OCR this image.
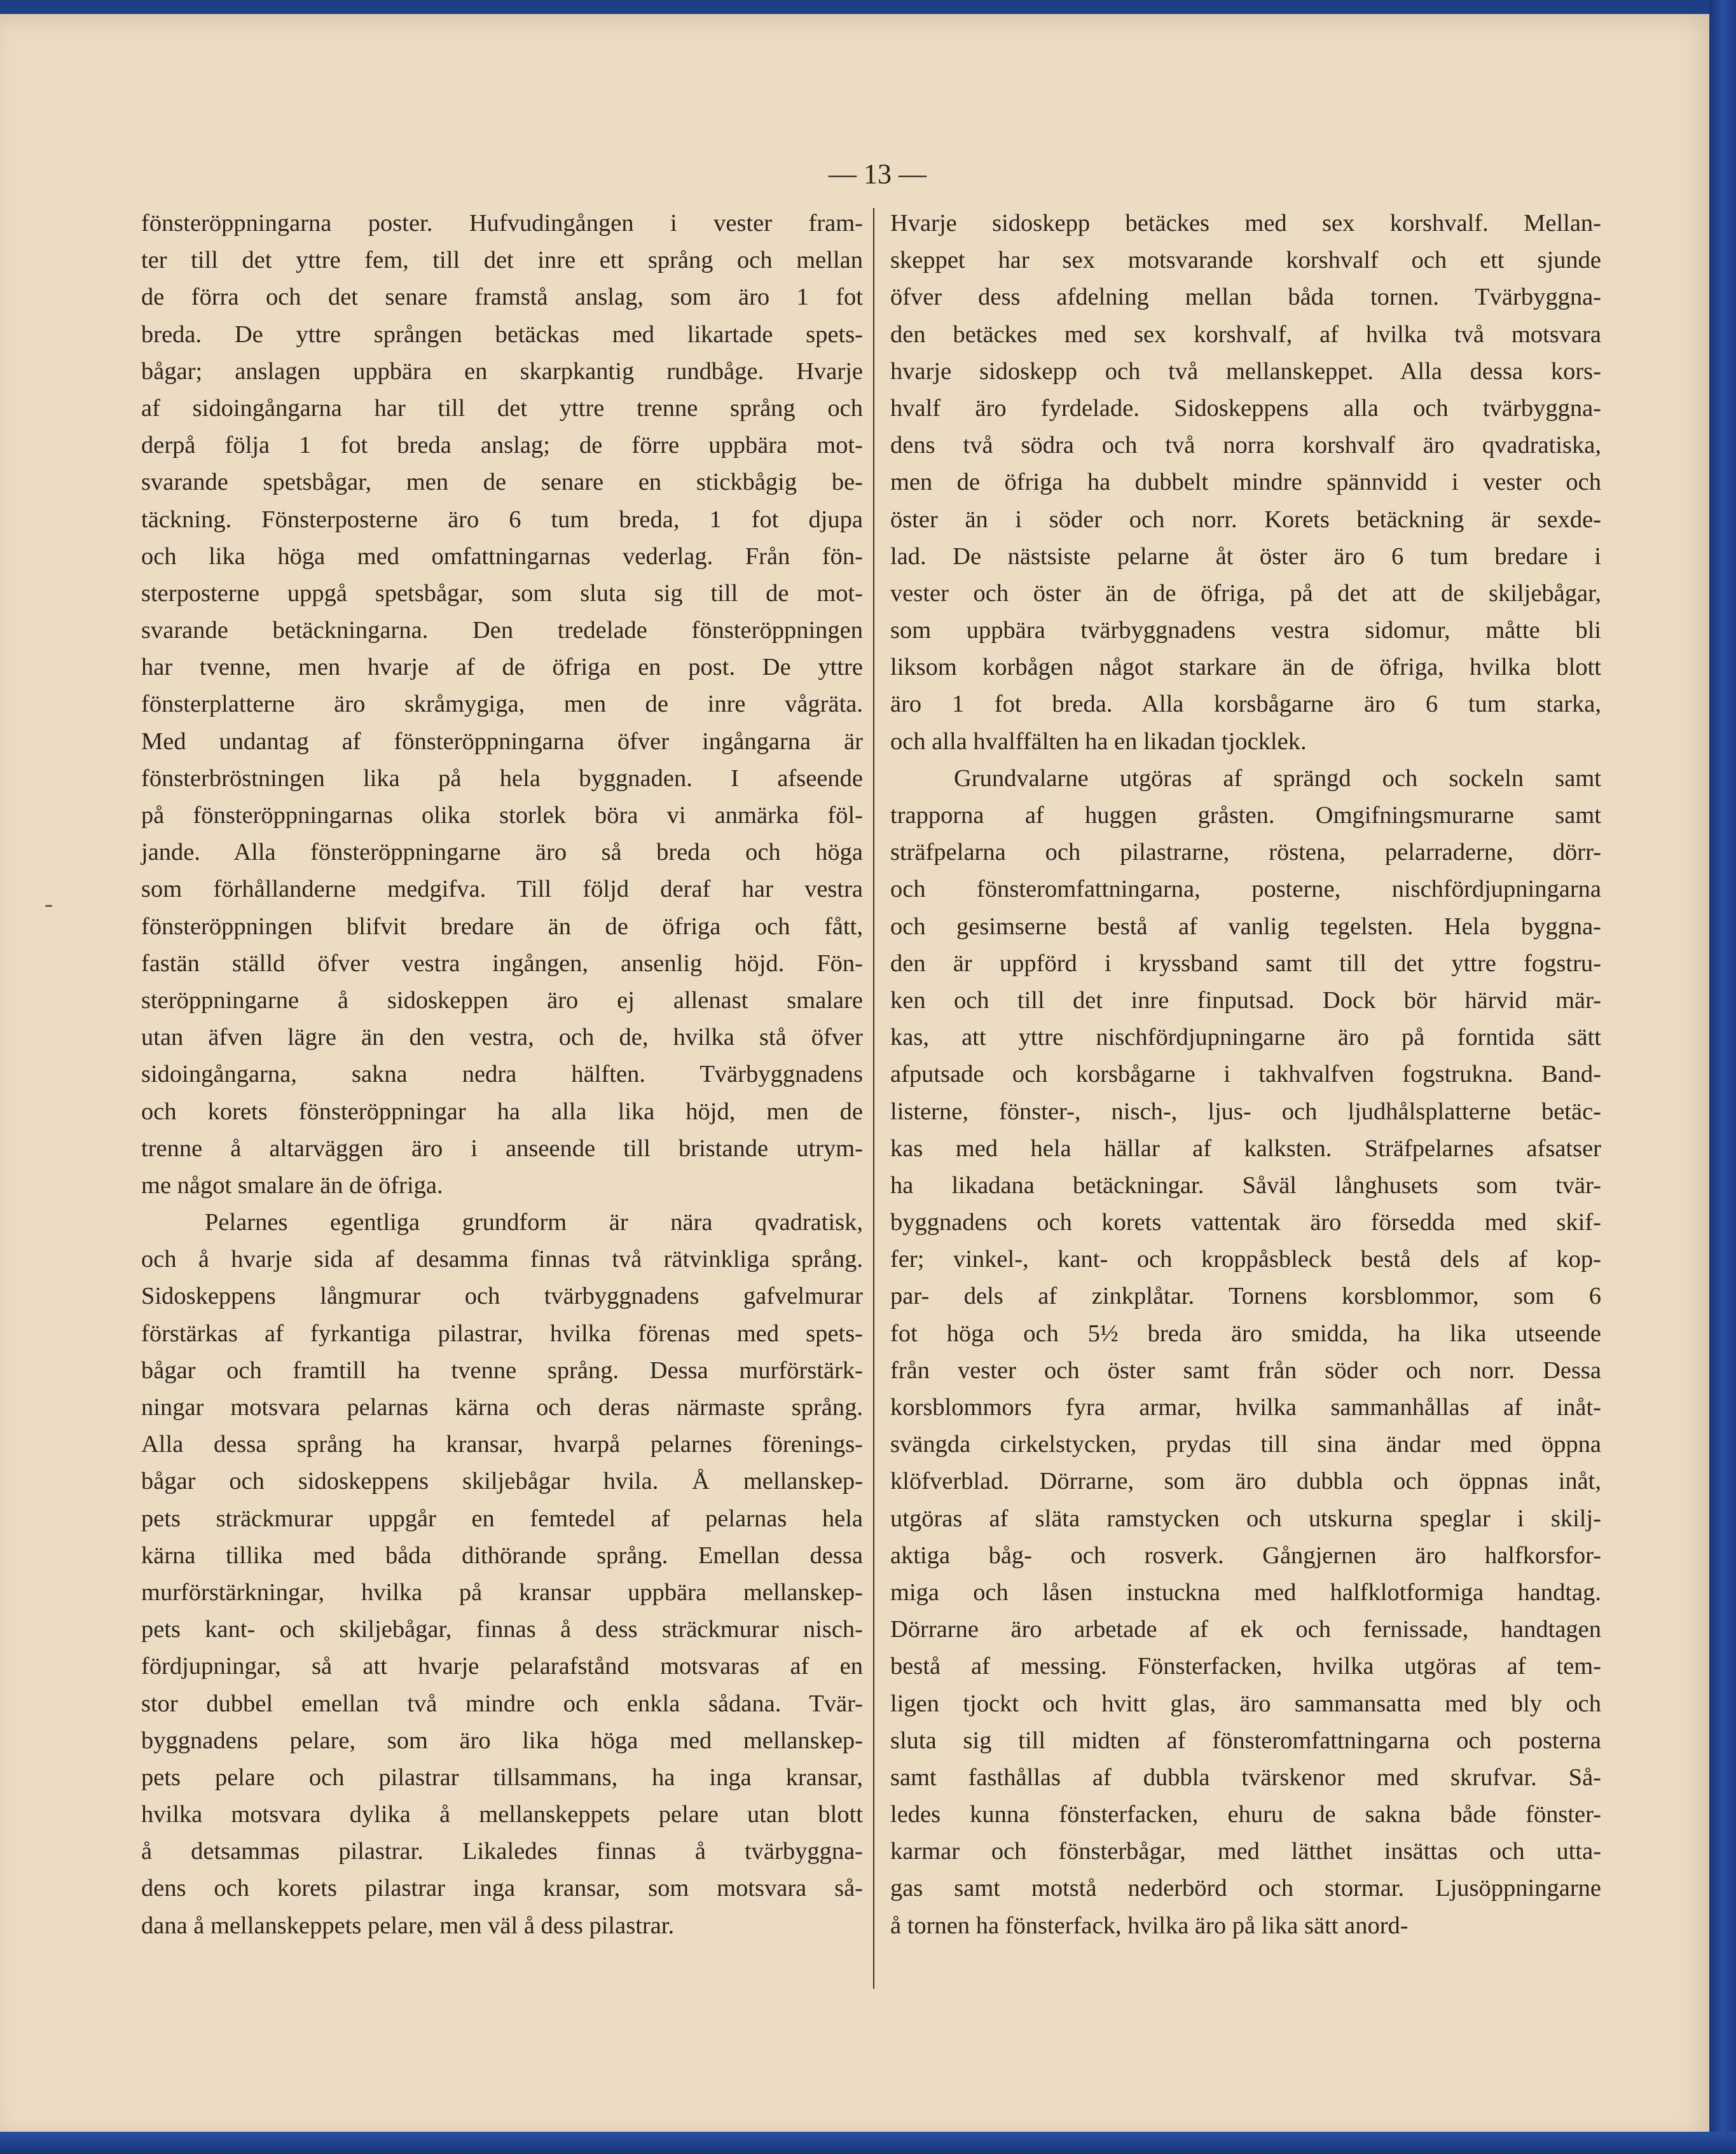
— 13 —

fönsteröppningarna poster. Hufvudingången i vester fram-
ter till det yttre fem, till det inre ett språng och mellan
de förra och det senare framstå anslag, som äro 1 fot
breda. De yttre sprången betäckas med likartade spets-
bågar; anslagen uppbära en skarpkantig rundbåge. Hvarje
af sidoingångarna har till det yttre trenne språng och
derpå följa 1 fot breda anslag; de förre uppbära mot-
svarande spetsbågar, men de senare en stickbågig be-
täckning. Fönsterposterne äro 6 tum breda, 1 fot djupa
och lika höga med omfattningarnas vederlag. Från fön-
sterposterne uppgå spetsbågar, som sluta sig till de mot-
svarande betäckningarna. Den tredelade fönsteröppningen
har tvenne, men hvarje af de öfriga en post. De yttre
fönsterplatterne äro skråmygiga, men de inre vågräta.
Med undantag af fönsteröppningarna öfver ingångarna är
fönsterbröstningen lika på hela byggnaden. I afseende
på fönsteröppningarnas olika storlek böra vi anmärka föl-
jande. Alla fönsteröppningarne äro så breda och höga
som förhållanderne medgifva. Till följd deraf har vestra
fönsteröppningen blifvit bredare än de öfriga och fått,
fastän ställd öfver vestra ingången, ansenlig höjd. Fön-
steröppningarne å sidoskeppen äro ej allenast smalare
utan äfven lägre än den vestra, och de, hvilka stå öfver
sidoingångarna, sakna nedra hälften. Tvärbyggnadens
och korets fönsteröppningar ha alla lika höjd, men de
trenne å altarväggen äro i anseende till bristande utrym-
me något smalare än de öfriga.

Pelarnes egentliga grundform är nära qvadratisk,
och å hvarje sida af desamma finnas två rätvinkliga språng.
Sidoskeppens långmurar och tvärbyggnadens gafvelmurar
förstärkas af fyrkantiga pilastrar, hvilka förenas med spets-
bågar och framtill ha tvenne språng. Dessa murförstärk-
ningar motsvara pelarnas kärna och deras närmaste språng.
Alla dessa språng ha kransar, hvarpå pelarnes förenings-
bågar och sidoskeppens skiljebågar hvila. Å mellanskep-
pets sträckmurar uppgår en femtedel af pelarnas hela
kärna tillika med båda dithörande språng. Emellan dessa
murförstärkningar, hvilka på kransar uppbära mellanskep-
pets kant- och skiljebågar, finnas å dess sträckmurar nisch-
fördjupningar, så att hvarje pelarafstånd motsvaras af en
stor dubbel emellan två mindre och enkla sådana. Tvär-
byggnadens pelare, som äro lika höga med mellanskep-
pets pelare och pilastrar tillsammans, ha inga kransar,
hvilka motsvara dylika å mellanskeppets pelare utan blott
å detsammas pilastrar. Likaledes finnas å tvärbyggna-
dens och korets pilastrar inga kransar, som motsvara så-
dana å mellanskeppets pelare, men väl å dess pilastrar.

Hvarje sidoskepp betäckes med sex korshvalf. Mellan-
skeppet har sex motsvarande korshvalf och ett sjunde
öfver dess afdelning mellan båda tornen. Tvärbyggna-
den betäckes med sex korshvalf, af hvilka två motsvara
hvarje sidoskepp och två mellanskeppet. Alla dessa kors-
hvalf äro fyrdelade. Sidoskeppens alla och tvärbyggna-
dens två södra och två norra korshvalf äro qvadratiska,
men de öfriga ha dubbelt mindre spännvidd i vester och
öster än i söder och norr. Korets betäckning är sexde-
lad. De nästsiste pelarne åt öster äro 6 tum bredare i
vester och öster än de öfriga, på det att de skiljebågar,
som uppbära tvärbyggnadens vestra sidomur, måtte bli
liksom korbågen något starkare än de öfriga, hvilka blott
äro 1 fot breda. Alla korsbågarne äro 6 tum starka,
och alla hvalffälten ha en likadan tjocklek.

Grundvalarne utgöras af sprängd och sockeln samt
trapporna af huggen gråsten. Omgifningsmurarne samt
sträfpelarna och pilastrarne, röstena, pelarraderne, dörr-
och fönsteromfattningarna, posterne, nischfördjupningarna
och gesimserne bestå af vanlig tegelsten. Hela byggna-
den är uppförd i kryssband samt till det yttre fogstru-
ken och till det inre finputsad. Dock bör härvid mär-
kas, att yttre nischfördjupningarne äro på forntida sätt
afputsade och korsbågarne i takhvalfven fogstrukna. Band-
listerne, fönster-, nisch-, ljus- och ljudhålsplatterne betäc-
kas med hela hällar af kalksten. Sträfpelarnes afsatser
ha likadana betäckningar. Såväl långhusets som tvär-
byggnadens och korets vattentak äro försedda med skif-
fer; vinkel-, kant- och kroppåsbleck bestå dels af kop-
par- dels af zinkplåtar. Tornens korsblommor, som 6
fot höga och 5½ breda äro smidda, ha lika utseende
från vester och öster samt från söder och norr. Dessa
korsblommors fyra armar, hvilka sammanhållas af inåt-
svängda cirkelstycken, prydas till sina ändar med öppna
klöfverblad. Dörrarne, som äro dubbla och öppnas inåt,
utgöras af släta ramstycken och utskurna speglar i skilj-
aktiga båg- och rosverk. Gångjernen äro halfkorsfor-
miga och låsen instuckna med halfklotformiga handtag.
Dörrarne äro arbetade af ek och fernissade, handtagen
bestå af messing. Fönsterfacken, hvilka utgöras af tem-
ligen tjockt och hvitt glas, äro sammansatta med bly och
sluta sig till midten af fönsteromfattningarna och posterna
samt fasthållas af dubbla tvärskenor med skrufvar. Så-
ledes kunna fönsterfacken, ehuru de sakna både fönster-
karmar och fönsterbågar, med lätthet insättas och utta-
gas samt motstå nederbörd och stormar. Ljusöppningarne
å tornen ha fönsterfack, hvilka äro på lika sätt anord-

-
